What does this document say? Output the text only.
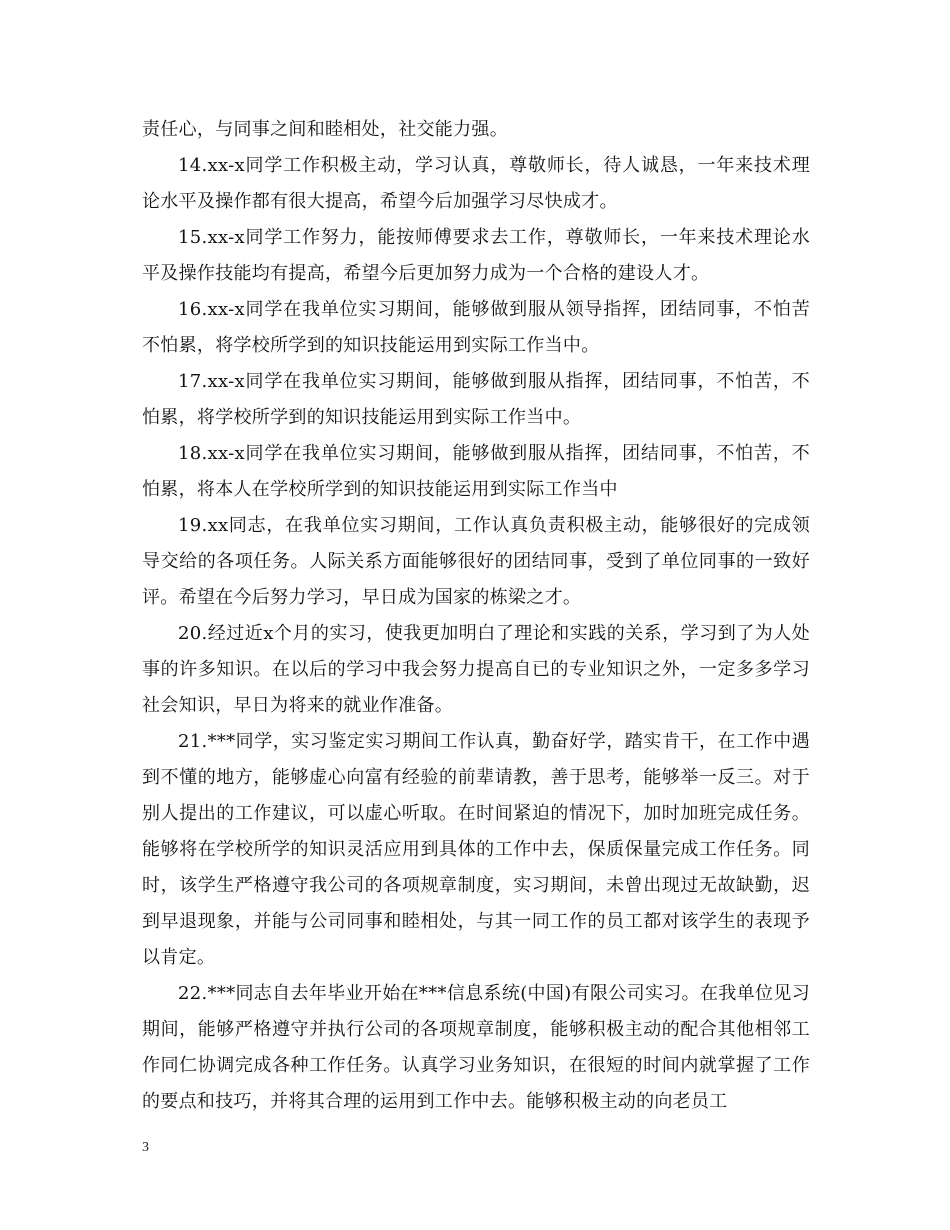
责任心，与同事之间和睦相处，社交能力强。

14.xx-x同学工作积极主动，学习认真，尊敬师长，待人诚恳，一年来技术理论水平及操作都有很大提高，希望今后加强学习尽快成才。

15.xx-x同学工作努力，能按师傅要求去工作，尊敬师长，一年来技术理论水平及操作技能均有提高，希望今后更加努力成为一个合格的建设人才。

16.xx-x同学在我单位实习期间，能够做到服从领导指挥，团结同事，不怕苦不怕累，将学校所学到的知识技能运用到实际工作当中。

17.xx-x同学在我单位实习期间，能够做到服从指挥，团结同事，不怕苦，不怕累，将学校所学到的知识技能运用到实际工作当中。

18.xx-x同学在我单位实习期间，能够做到服从指挥，团结同事，不怕苦，不怕累，将本人在学校所学到的知识技能运用到实际工作当中

19.xx同志，在我单位实习期间，工作认真负责积极主动，能够很好的完成领导交给的各项任务。人际关系方面能够很好的团结同事，受到了单位同事的一致好评。希望在今后努力学习，早日成为国家的栋梁之才。

20.经过近x个月的实习，使我更加明白了理论和实践的关系，学习到了为人处事的许多知识。在以后的学习中我会努力提高自已的专业知识之外，一定多多学习社会知识，早日为将来的就业作准备。

21.***同学，实习鉴定实习期间工作认真，勤奋好学，踏实肯干，在工作中遇到不懂的地方，能够虚心向富有经验的前辈请教，善于思考，能够举一反三。对于别人提出的工作建议，可以虚心听取。在时间紧迫的情况下，加时加班完成任务。能够将在学校所学的知识灵活应用到具体的工作中去，保质保量完成工作任务。同时，该学生严格遵守我公司的各项规章制度，实习期间，未曾出现过无故缺勤，迟到早退现象，并能与公司同事和睦相处，与其一同工作的员工都对该学生的表现予以肯定。

22.***同志自去年毕业开始在***信息系统(中国)有限公司实习。在我单位见习期间，能够严格遵守并执行公司的各项规章制度，能够积极主动的配合其他相邻工作同仁协调完成各种工作任务。认真学习业务知识，在很短的时间内就掌握了工作的要点和技巧，并将其合理的运用到工作中去。能够积极主动的向老员工

3
